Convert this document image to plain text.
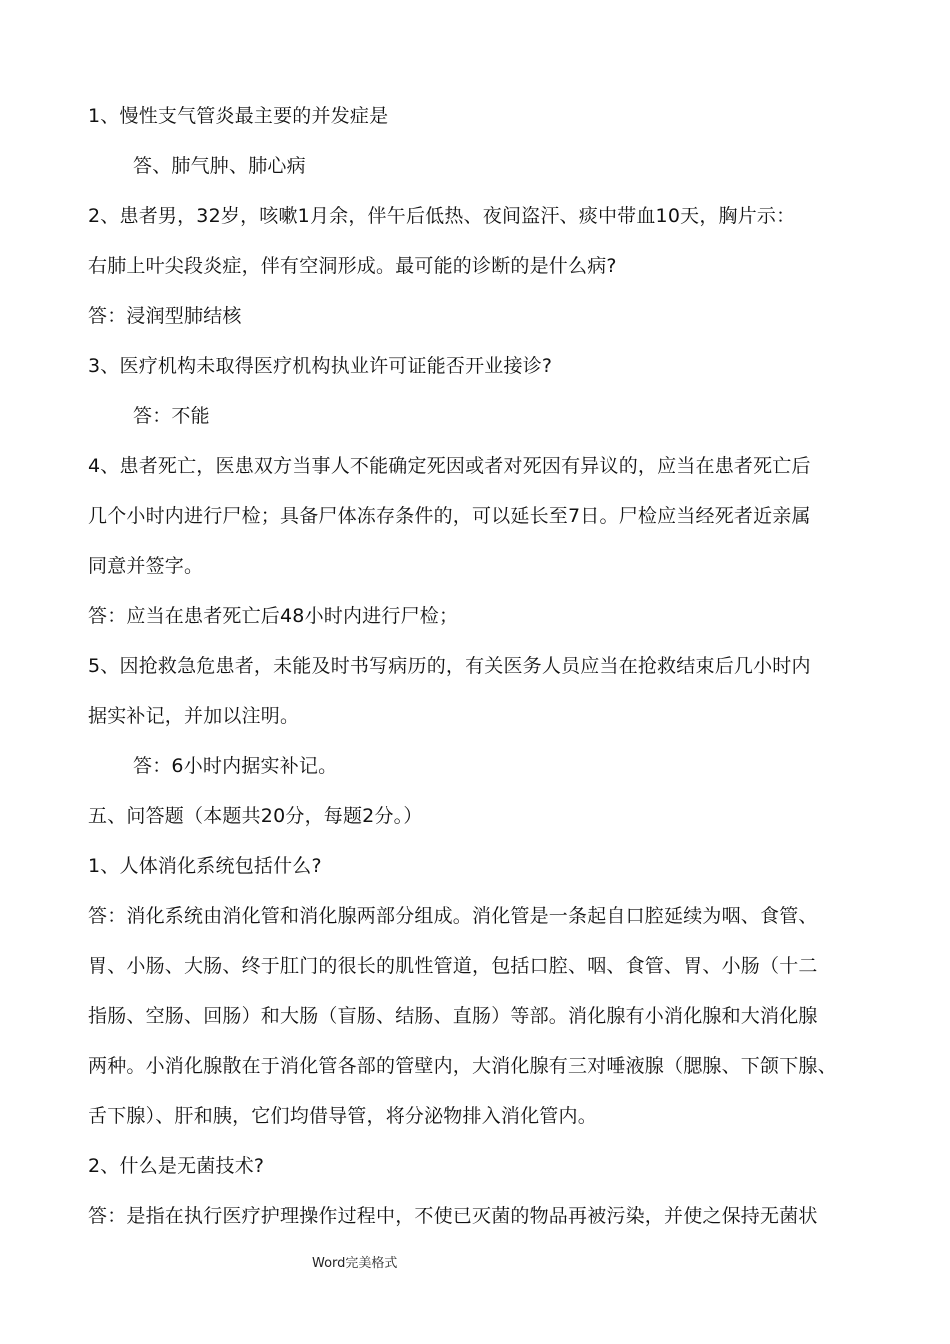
1、慢性支气管炎最主要的并发症是
答、肺气肿、肺心病
2、患者男，32岁，咳嗽1月余，伴午后低热、夜间盗汗、痰中带血10天，胸片示：
右肺上叶尖段炎症，伴有空洞形成。最可能的诊断的是什么病?
答：浸润型肺结核
3、医疗机构未取得医疗机构执业许可证能否开业接诊?
答：不能
4、患者死亡，医患双方当事人不能确定死因或者对死因有异议的，应当在患者死亡后
几个小时内进行尸检；具备尸体冻存条件的，可以延长至7日。尸检应当经死者近亲属
同意并签字。
答：应当在患者死亡后48小时内进行尸检；
5、因抢救急危患者，未能及时书写病历的，有关医务人员应当在抢救结束后几小时内
据实补记，并加以注明。
答：6小时内据实补记。
五、问答题（本题共20分，每题2分。）
1、人体消化系统包括什么?
答：消化系统由消化管和消化腺两部分组成。消化管是一条起自口腔延续为咽、食管、
胃、小肠、大肠、终于肛门的很长的肌性管道，包括口腔、咽、食管、胃、小肠（十二
指肠、空肠、回肠）和大肠（盲肠、结肠、直肠）等部。消化腺有小消化腺和大消化腺
两种。小消化腺散在于消化管各部的管壁内，大消化腺有三对唾液腺（腮腺、下颌下腺、
舌下腺）、肝和胰，它们均借导管，将分泌物排入消化管内。
2、什么是无菌技术?
答：是指在执行医疗护理操作过程中，不使已灭菌的物品再被污染，并使之保持无菌状
Word完美格式
